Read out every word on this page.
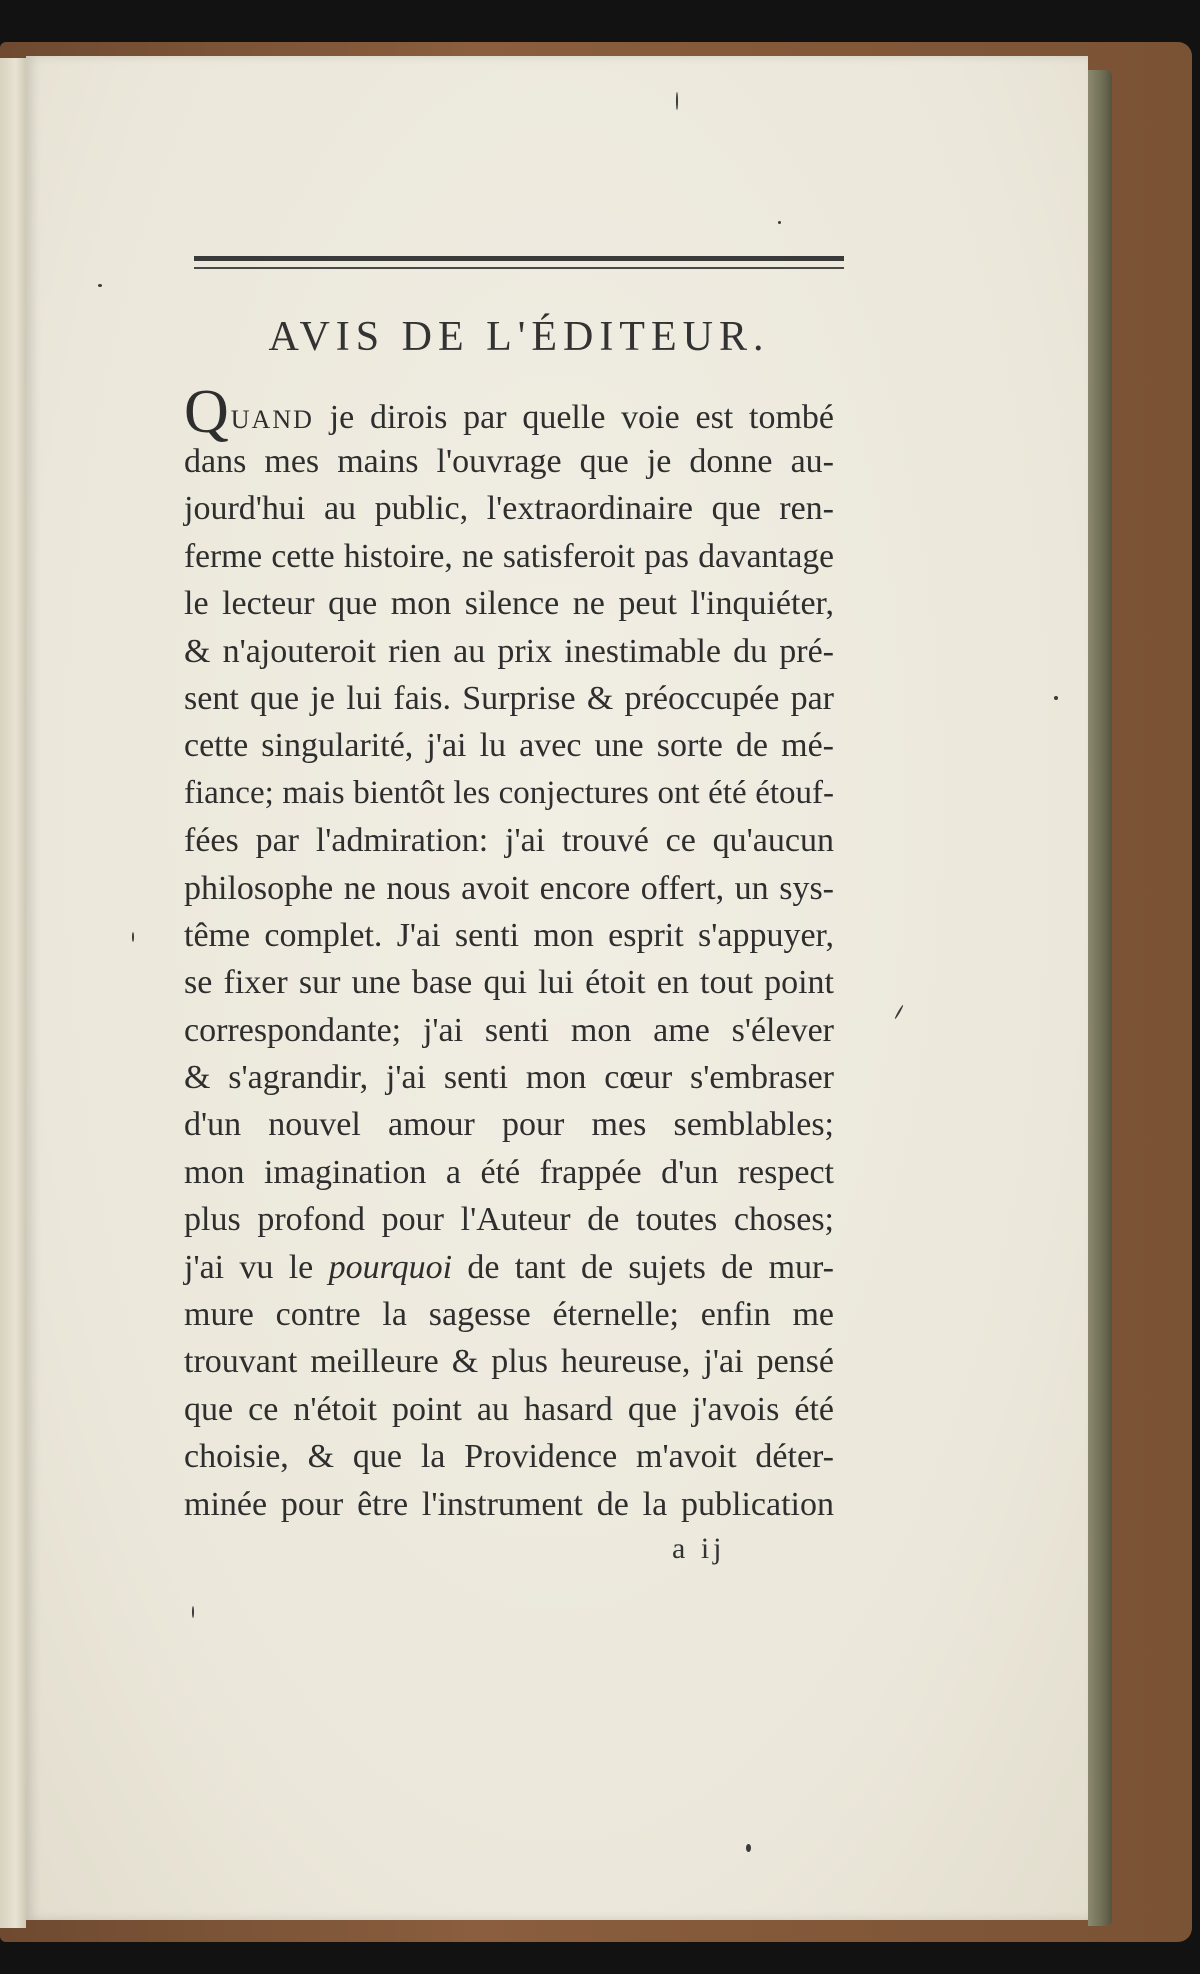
AVIS DE L'ÉDITEUR.
QUAND je dirois par quelle voie est tombé
dans mes mains l'ouvrage que je donne au-
jourd'hui au public, l'extraordinaire que ren-
ferme cette histoire, ne satisferoit pas davantage
le lecteur que mon silence ne peut l'inquiéter,
& n'ajouteroit rien au prix inestimable du pré-
sent que je lui fais. Surprise & préoccupée par
cette singularité, j'ai lu avec une sorte de mé-
fiance; mais bientôt les conjectures ont été étouf-
fées par l'admiration: j'ai trouvé ce qu'aucun
philosophe ne nous avoit encore offert, un sys-
tême complet. J'ai senti mon esprit s'appuyer,
se fixer sur une base qui lui étoit en tout point
correspondante; j'ai senti mon ame s'élever
& s'agrandir, j'ai senti mon cœur s'embraser
d'un nouvel amour pour mes semblables;
mon imagination a été frappée d'un respect
plus profond pour l'Auteur de toutes choses;
j'ai vu le pourquoi de tant de sujets de mur-
mure contre la sagesse éternelle; enfin me
trouvant meilleure & plus heureuse, j'ai pensé
que ce n'étoit point au hasard que j'avois été
choisie, & que la Providence m'avoit déter-
minée pour être l'instrument de la publication
a ij
